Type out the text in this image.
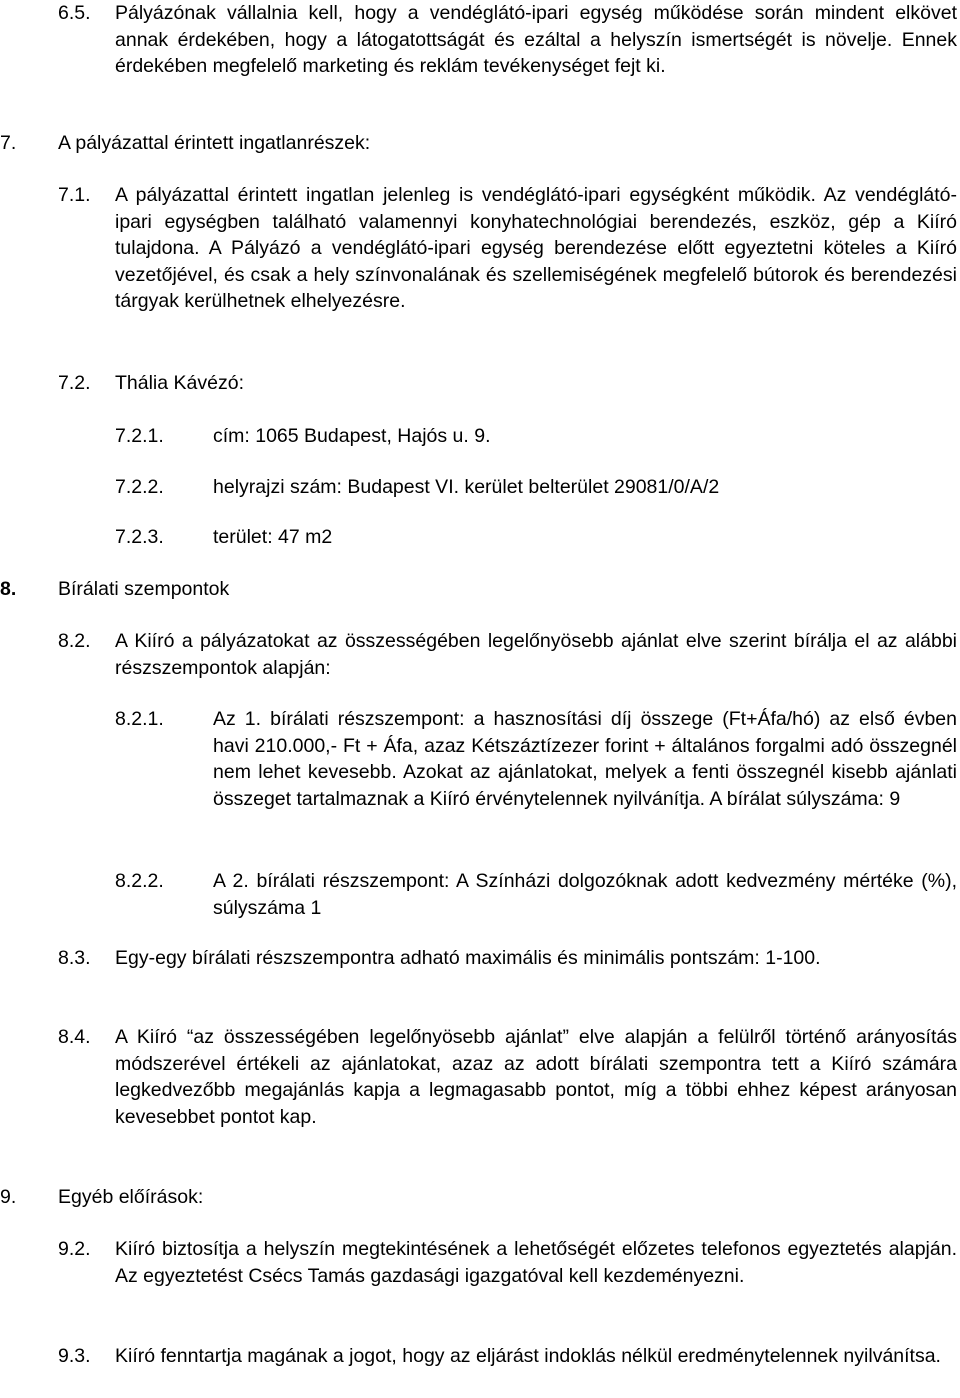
6.5. Pályázónak vállalnia kell, hogy a vendéglátó-ipari egység működése során mindent elkövet annak érdekében, hogy a látogatottságát és ezáltal a helyszín ismertségét is növelje. Ennek érdekében megfelelő marketing és reklám tevékenységet fejt ki.
7. A pályázattal érintett ingatlanrészek:
7.1. A pályázattal érintett ingatlan jelenleg is vendéglátó-ipari egységként működik. Az vendéglátó-ipari egységben található valamennyi konyhatechnológiai berendezés, eszköz, gép a Kiíró tulajdona. A Pályázó a vendéglátó-ipari egység berendezése előtt egyeztetni köteles a Kiíró vezetőjével, és csak a hely színvonalának és szellemiségének megfelelő bútorok és berendezési tárgyak kerülhetnek elhelyezésre.
7.2. Thália Kávézó:
7.2.1.	cím: 1065 Budapest, Hajós u. 9.
7.2.2.	helyrajzi szám: Budapest VI. kerület belterület 29081/0/A/2
7.2.3.	terület: 47 m2
8. Bírálati szempontok
8.2. A Kiíró a pályázatokat az összességében legelőnyösebb ajánlat elve szerint bírálja el az alábbi részszempontok alapján:
8.2.1.	Az 1. bírálati részszempont: a hasznosítási díj összege (Ft+Áfa/hó) az első évben havi 210.000,- Ft + Áfa, azaz Kétszáztízezer forint + általános forgalmi adó összegnél nem lehet kevesebb. Azokat az ajánlatokat, melyek a fenti összegnél kisebb ajánlati összeget tartalmaznak a Kiíró érvénytelennek nyilvánítja. A bírálat súlyszáma: 9
8.2.2.	A 2. bírálati részszempont: A Színházi dolgozóknak adott kedvezmény mértéke (%), súlyszáma 1
8.3. Egy-egy bírálati részszempontra adható maximális és minimális pontszám: 1-100.
8.4. A Kiíró “az összességében legelőnyösebb ajánlat” elve alapján a felülről történő arányosítás módszerével értékeli az ajánlatokat, azaz az adott bírálati szempontra tett a Kiíró számára legkedvezőbb megajánlás kapja a legmagasabb pontot, míg a többi ehhez képest arányosan kevesebbet pontot kap.
9. Egyéb előírások:
9.2. Kiíró biztosítja a helyszín megtekintésének a lehetőségét előzetes telefonos egyeztetés alapján. Az egyeztetést Csécs Tamás gazdasági igazgatóval kell kezdeményezni.
9.3. Kiíró fenntartja magának a jogot, hogy az eljárást indoklás nélkül eredménytelennek nyilvánítsa.
